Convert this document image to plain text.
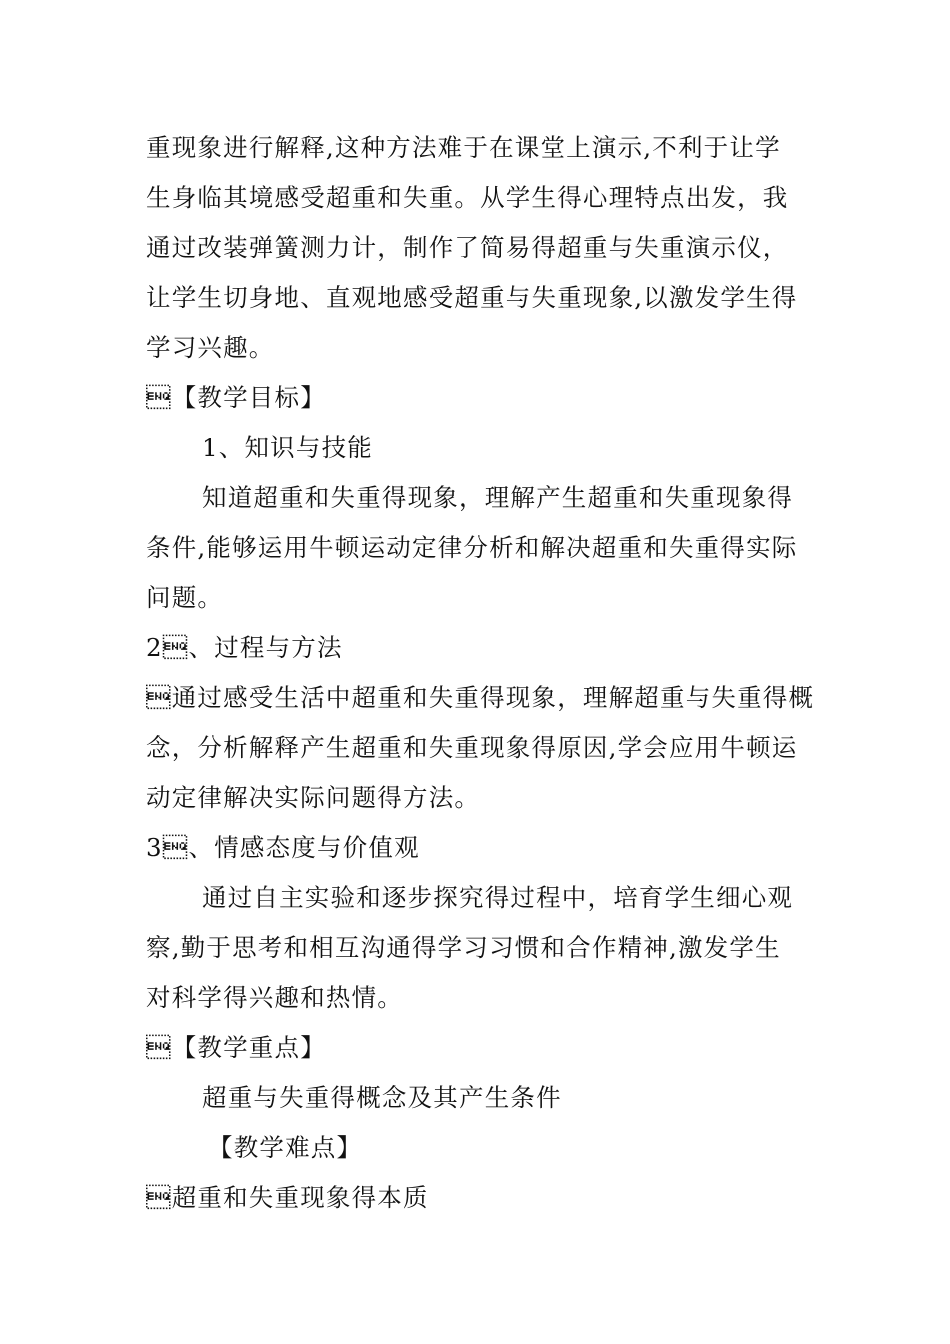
重现象进行解释,这种方法难于在课堂上演示,不利于让学
生身临其境感受超重和失重。从学生得心理特点出发，我
通过改装弹簧测力计，制作了简易得超重与失重演示仪，
让学生切身地、直观地感受超重与失重现象,以激发学生得
学习兴趣。
【教学目标】
1、知识与技能
知道超重和失重得现象，理解产生超重和失重现象得
条件,能够运用牛顿运动定律分析和解决超重和失重得实际
问题。
2、过程与方法
通过感受生活中超重和失重得现象，理解超重与失重得概
念，分析解释产生超重和失重现象得原因,学会应用牛顿运
动定律解决实际问题得方法。
3、情感态度与价值观
通过自主实验和逐步探究得过程中，培育学生细心观
察,勤于思考和相互沟通得学习习惯和合作精神,激发学生
对科学得兴趣和热情。
【教学重点】
超重与失重得概念及其产生条件
【教学难点】
超重和失重现象得本质
